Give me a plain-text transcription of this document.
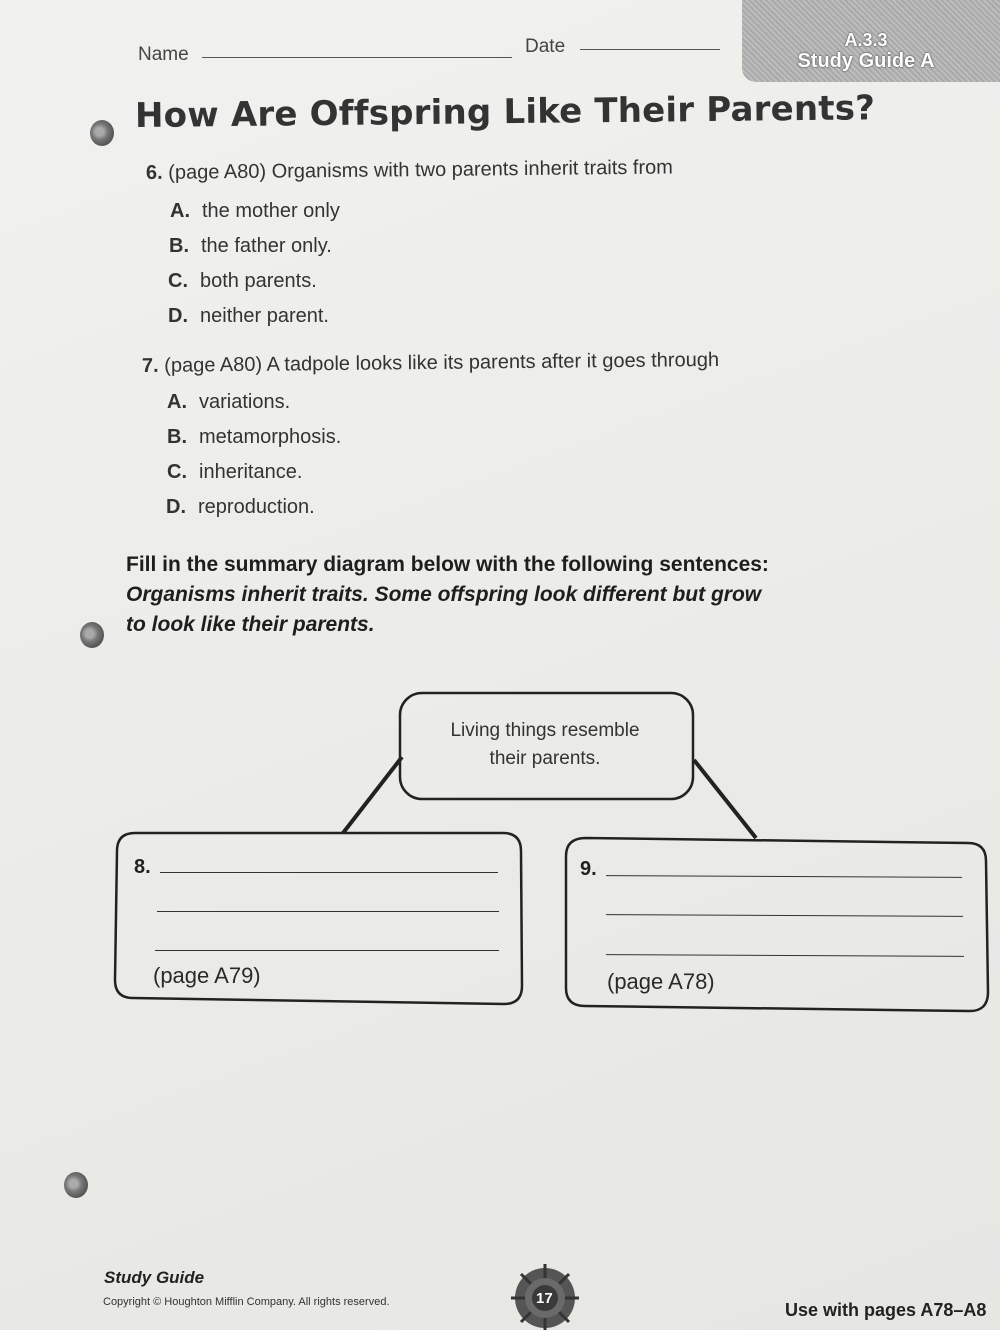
Name	Date	A.3.3
Study Guide A
How Are Offspring Like Their Parents?
6. (page A80) Organisms with two parents inherit traits from
A. the mother only
B. the father only.
C. both parents.
D. neither parent.
7. (page A80) A tadpole looks like its parents after it goes through
A. variations.
B. metamorphosis.
C. inheritance.
D. reproduction.
Fill in the summary diagram below with the following sentences:
Organisms inherit traits. Some offspring look different but grow
to look like their parents.
Living things resemble
their parents.
8.
(page A79)
9.
(page A78)
Study Guide
Copyright © Houghton Mifflin Company. All rights reserved.	17
Use with pages A78–A8
